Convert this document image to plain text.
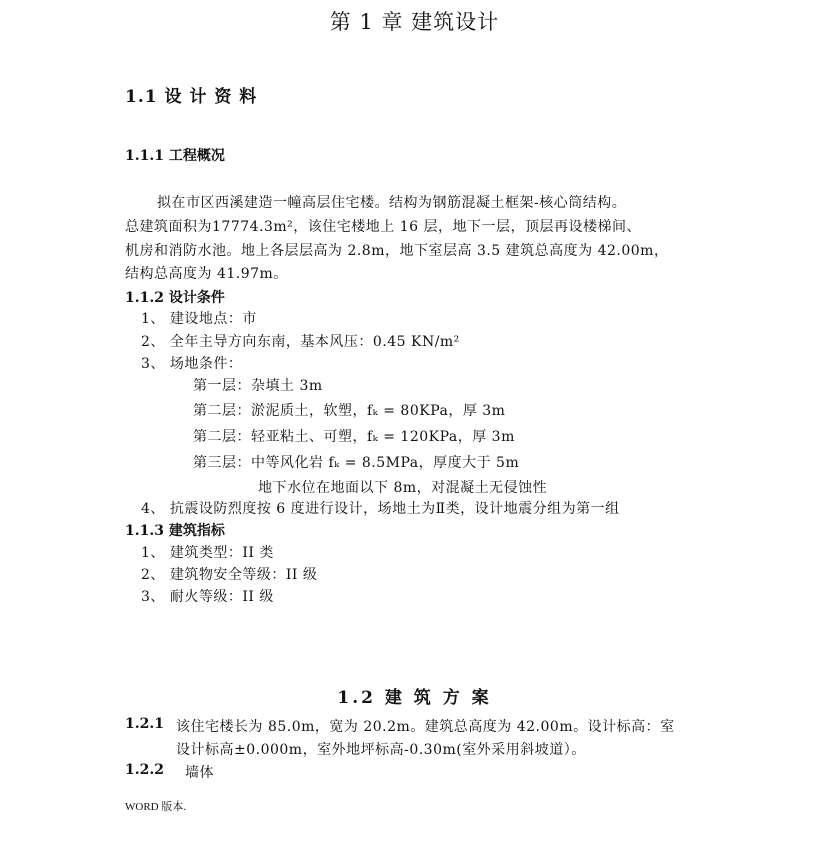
第 1 章 建筑设计
1.1 设 计 资 料
1.1.1 工程概况
拟在市区西溪建造一幢高层住宅楼。结构为钢筋混凝土框架-核心筒结构。
总建筑面积为17774.3m²，该住宅楼地上 16 层，地下一层，顶层再设楼梯间、
机房和消防水池。地上各层层高为 2.8m，地下室层高 3.5 建筑总高度为 42.00m，
结构总高度为 41.97m。
1.1.2 设计条件
1、 建设地点：市
2、 全年主导方向东南，基本风压：0.45 KN/m²
3、 场地条件：
第一层：杂填土 3m
第二层：淤泥质土，软塑，fₖ = 80KPa，厚 3m
第二层：轻亚粘土、可塑，fₖ = 120KPa，厚 3m
第三层：中等风化岩 fₖ = 8.5MPa，厚度大于 5m
地下水位在地面以下 8m，对混凝土无侵蚀性
4、 抗震设防烈度按 6 度进行设计，场地土为Ⅱ类，设计地震分组为第一组
1.1.3 建筑指标
1、 建筑类型：II 类
2、 建筑物安全等级：II 级
3、 耐火等级：II 级
1.2 建 筑 方 案
1.2.1 该住宅楼长为 85.0m，宽为 20.2m。建筑总高度为 42.00m。设计标高：室
设计标高±0.000m，室外地坪标高-0.30m(室外采用斜坡道）。
1.2.2 墙体
WORD 版本.
